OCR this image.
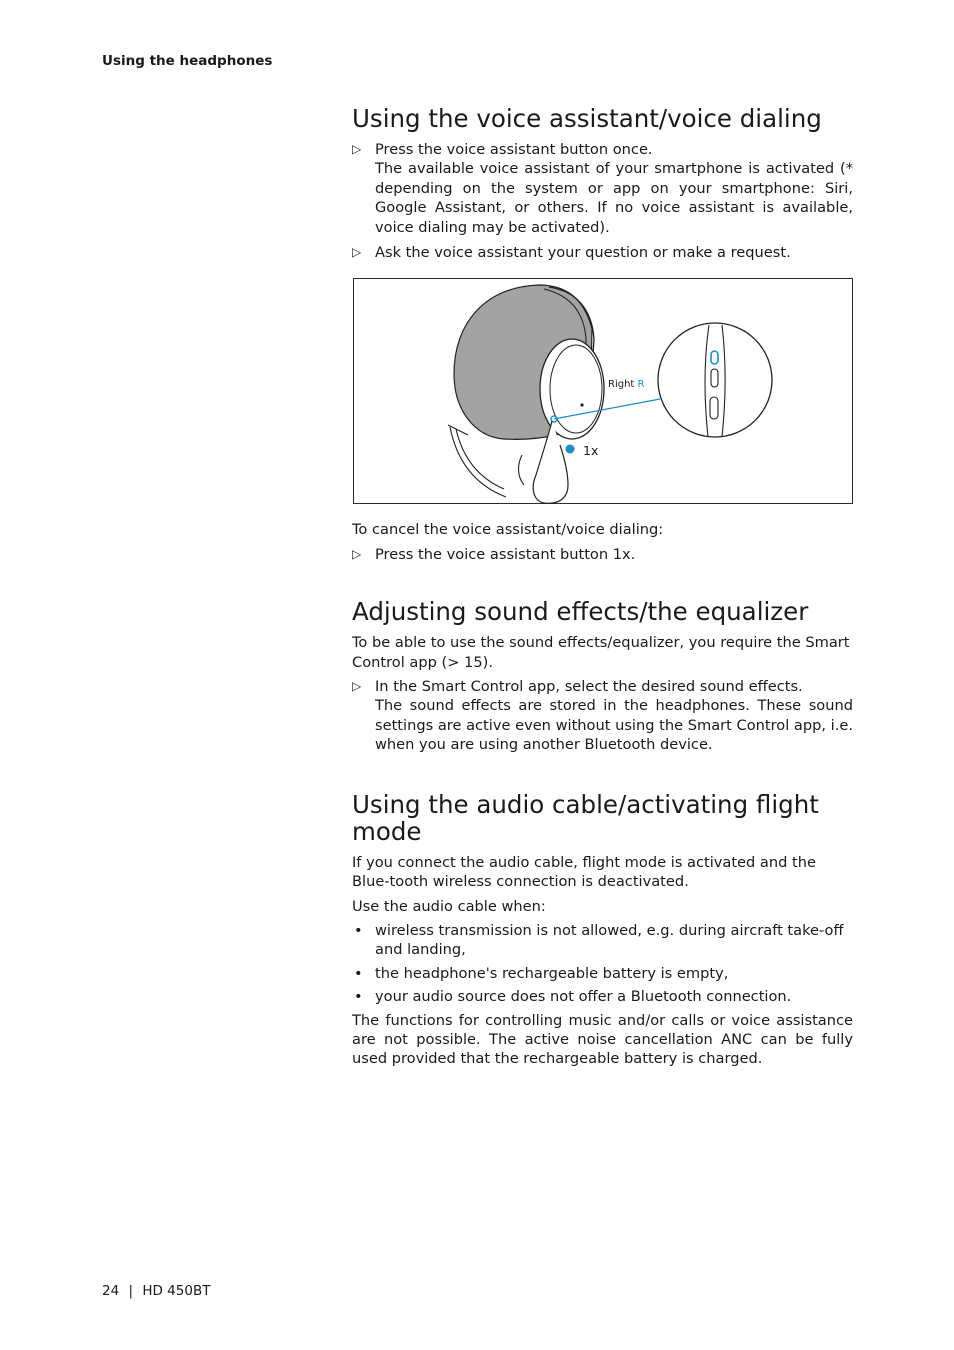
Using the headphones
Using the voice assistant/voice dialing
▷ Press the voice assistant button once.
The available voice assistant of your smartphone is activated (* depending on the system or app on your smartphone: Siri, Google Assistant, or others. If no voice assistant is available, voice dialing may be activated).
▷ Ask the voice assistant your question or make a request.
Right R
1x

To cancel the voice assistant/voice dialing:

▷ Press the voice assistant button 1x.
Adjusting sound effects/the equalizer

To be able to use the sound effects/equalizer, you require the Smart Control app (> 15).

▷ In the Smart Control app, select the desired sound effects.
The sound effects are stored in the headphones. These sound settings are active even without using the Smart Control app, i.e. when you are using another Bluetooth device.
Using the audio cable/activating flight mode

If you connect the audio cable, flight mode is activated and the Blue-tooth wireless connection is deactivated.

Use the audio cable when:

• wireless transmission is not allowed, e.g. during aircraft take-off and landing,
• the headphone's rechargeable battery is empty,
• your audio source does not offer a Bluetooth connection.

The functions for controlling music and/or calls or voice assistance are not possible. The active noise cancellation ANC can be fully used provided that the rechargeable battery is charged.

24 | HD 450BT
